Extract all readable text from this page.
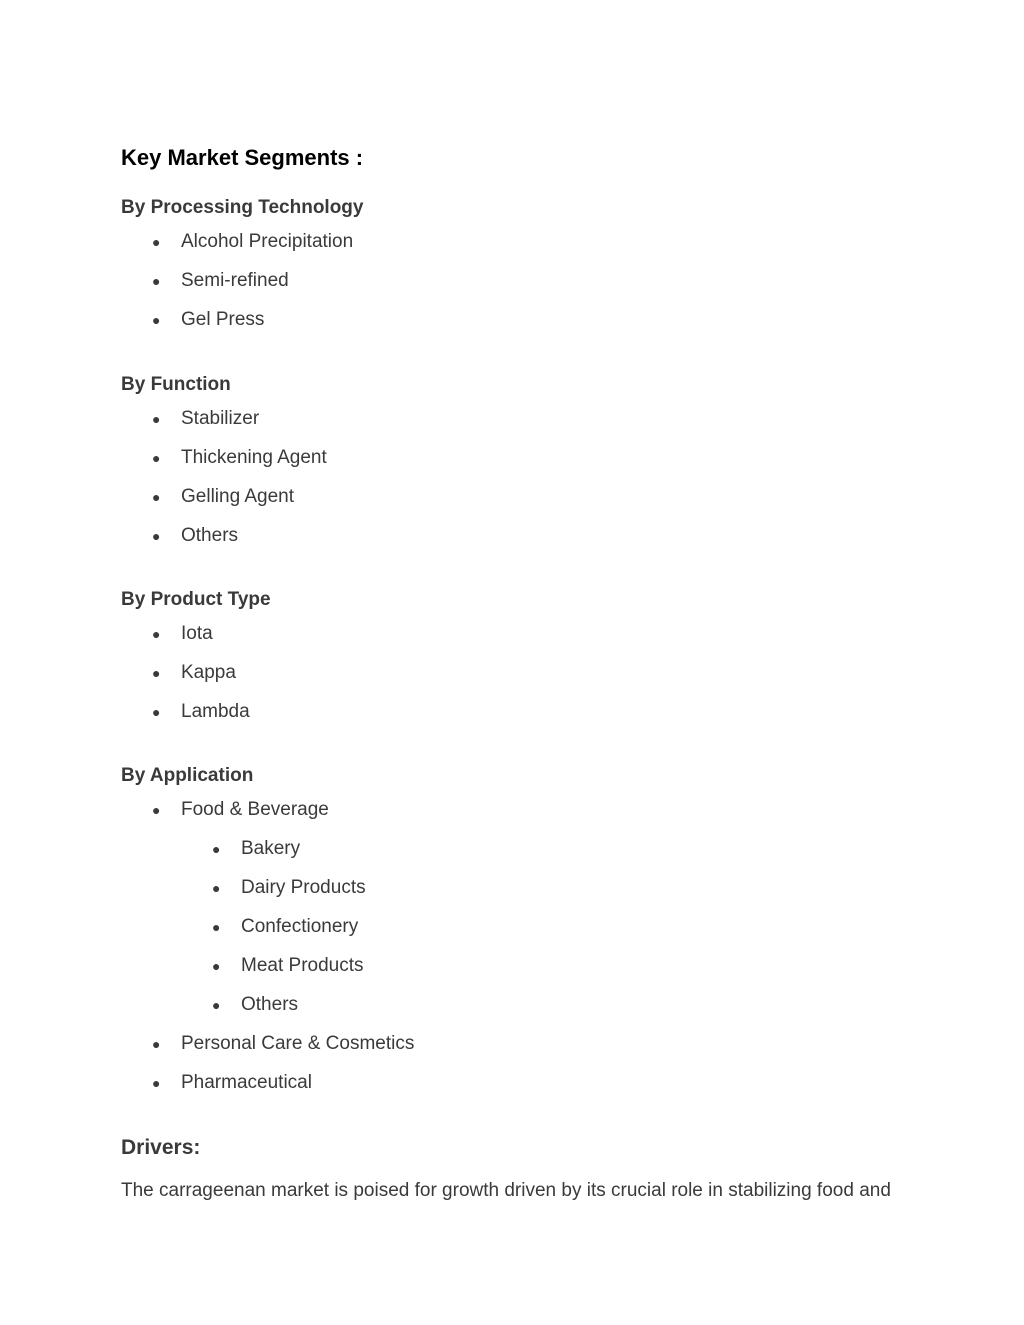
Key Market Segments :
By Processing Technology
● Alcohol Precipitation
● Semi-refined
● Gel Press
By Function
● Stabilizer
● Thickening Agent
● Gelling Agent
● Others
By Product Type
● Iota
● Kappa
● Lambda
By Application
● Food & Beverage
● Bakery
● Dairy Products
● Confectionery
● Meat Products
● Others
● Personal Care & Cosmetics
● Pharmaceutical
Drivers:

The carrageenan market is poised for growth driven by its crucial role in stabilizing food and
